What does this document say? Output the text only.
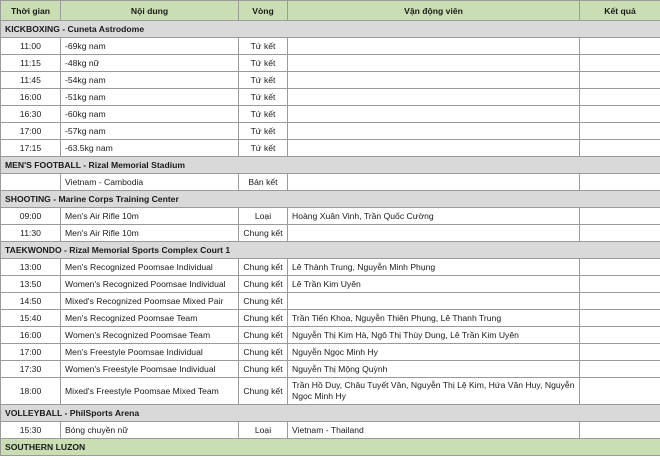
Thời gian	Nội dung	Vòng	Vận động viên	Kết quả
KICKBOXING - Cuneta Astrodome				
11:00	-69kg nam	Tứ kết		
11:15	-48kg nữ	Tứ kết		
11:45	-54kg nam	Tứ kết		
16:00	-51kg nam	Tứ kết		
16:30	-60kg nam	Tứ kết		
17:00	-57kg nam	Tứ kết		
17:15	-63.5kg nam	Tứ kết		
MEN'S FOOTBALL - Rizal Memorial Stadium				
	Vietnam - Cambodia	Bán kết		
SHOOTING - Marine Corps Training Center				
09:00	Men's Air Rifle 10m	Loại	Hoàng Xuân Vinh, Trần Quốc Cường	
11:30	Men's Air Rifle 10m	Chung kết		
TAEKWONDO - Rizal Memorial Sports Complex Court 1				
13:00	Men's Recognized Poomsae Individual	Chung kết	Lê Thành Trung, Nguyễn Minh Phụng	
13:50	Women's Recognized Poomsae Individual	Chung kết	Lê Trần Kim Uyên	
14:50	Mixed's Recognized Poomsae Mixed Pair	Chung kết		
15:40	Men's Recognized Poomsae Team	Chung kết	Trần Tiến Khoa, Nguyễn Thiên Phụng, Lê Thanh Trung	
16:00	Women's Recognized Poomsae Team	Chung kết	Nguyễn Thị Kim Hà, Ngô Thị Thùy Dung, Lê Trần Kim Uyên	
17:00	Men's Freestyle Poomsae Individual	Chung kết	Nguyễn Ngọc Minh Hy	
17:30	Women's Freestyle Poomsae Individual	Chung kết	Nguyễn Thị Mộng Quỳnh	
18:00	Mixed's Freestyle Poomsae Mixed Team	Chung kết	Trần Hồ Duy, Châu Tuyết Vân, Nguyễn Thị Lệ Kim, Hứa Văn Huy, Nguyễn Ngọc Minh Hy	
VOLLEYBALL - PhilSports Arena				
15:30	Bóng chuyền nữ	Loại	Vietnam - Thailand	
SOUTHERN LUZON				
